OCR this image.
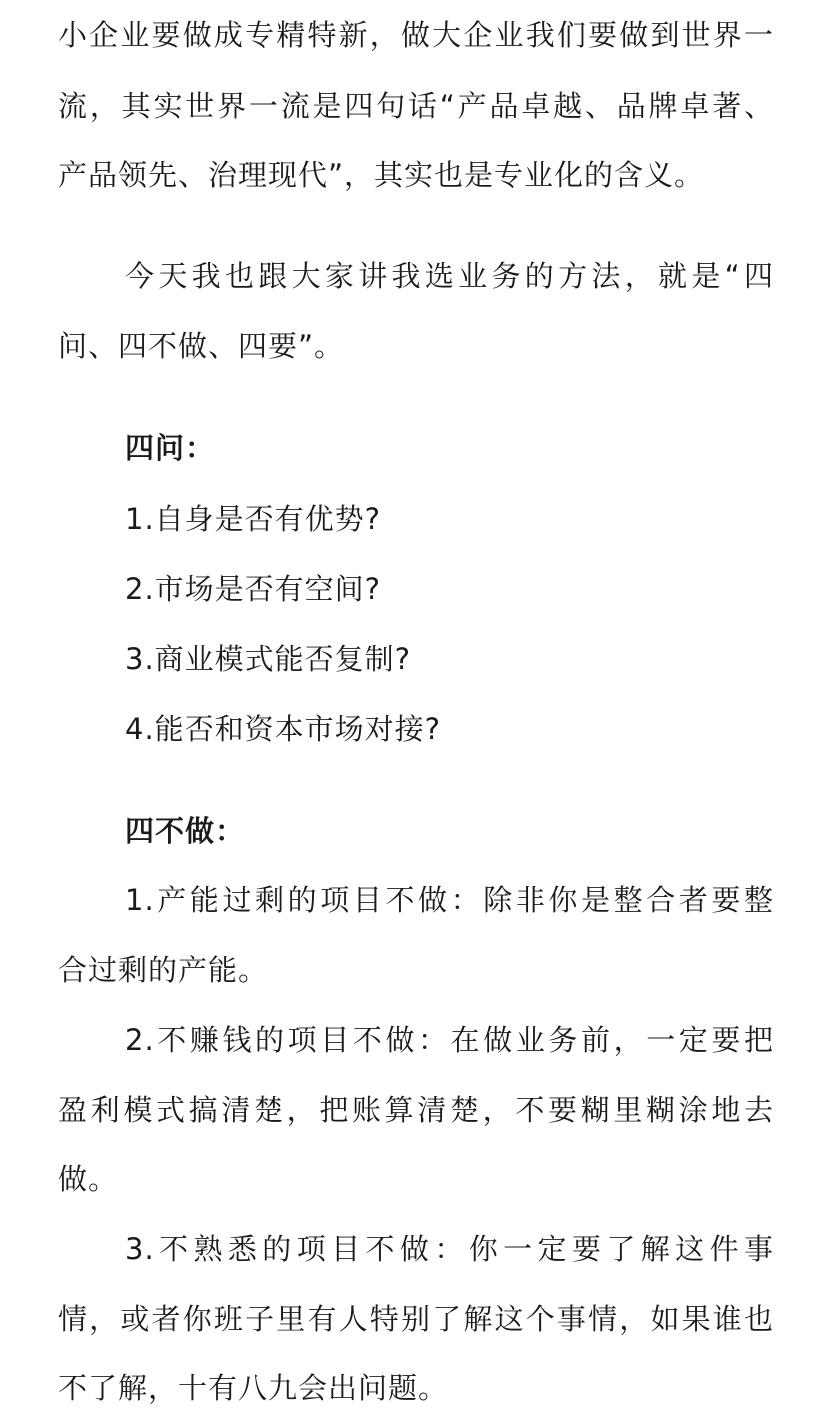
小企业要做成专精特新，做大企业我们要做到世界一
流，其实世界一流是四句话“产品卓越、品牌卓著、
产品领先、治理现代”，其实也是专业化的含义。
今天我也跟大家讲我选业务的方法，就是“四
问、四不做、四要”。
四问：
1.自身是否有优势?
2.市场是否有空间?
3.商业模式能否复制?
4.能否和资本市场对接?
四不做：
1.产能过剩的项目不做：除非你是整合者要整
合过剩的产能。
2.不赚钱的项目不做：在做业务前，一定要把
盈利模式搞清楚，把账算清楚，不要糊里糊涂地去
做。
3.不熟悉的项目不做：你一定要了解这件事
情，或者你班子里有人特别了解这个事情，如果谁也
不了解，十有八九会出问题。
